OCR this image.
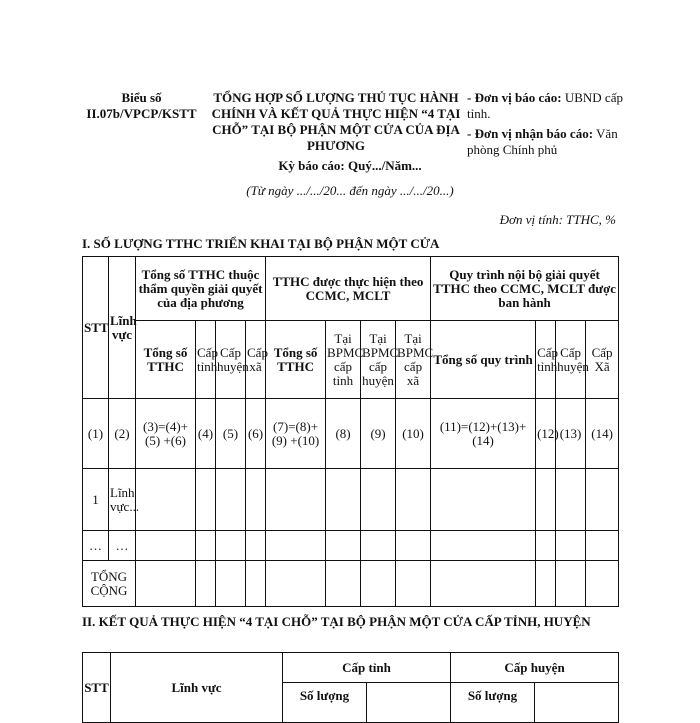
Biểu số II.07b/VPCP/KSTT
TỔNG HỢP SỐ LƯỢNG THỦ TỤC HÀNH CHÍNH VÀ KẾT QUẢ THỰC HIỆN “4 TẠI CHỖ” TẠI BỘ PHẬN MỘT CỬA CỦA ĐỊA PHƯƠNG

- Đơn vị báo cáo: UBND cấp tỉnh.

- Đơn vị nhận báo cáo: Văn phòng Chính phủ

Kỳ báo cáo: Quý.../Năm...
(Từ ngày .../.../20... đến ngày .../.../20...)
Đơn vị tính: TTHC, %
I. SỐ LƯỢNG TTHC TRIỂN KHAI TẠI BỘ PHẬN MỘT CỬA
STT	Lĩnh vực	Tổng số TTHC thuộc thẩm quyền giải quyết của địa phương				TTHC được thực hiện theo CCMC, MCLT				Quy trình nội bộ giải quyết TTHC theo CCMC, MCLT được ban hành			
		Tổng số TTHC	Cấp tỉnh	Cấp huyện	Cấp xã	Tổng số TTHC	Tại BPMC cấp tỉnh	Tại BPMC cấp huyện	Tại BPMC cấp xã	Tổng số quy trình	Cấp tỉnh	Cấp huyện	Cấp Xã
(1)	(2)	(3)=(4)+(5) +(6)	(4)	(5)	(6)	(7)=(8)+(9) +(10)	(8)	(9)	(10)	(11)=(12)+(13)+(14)	(12)	(13)	(14)
1	Lĩnh vực...												
…	…												
TỔNG CỘNG													
II. KẾT QUẢ THỰC HIỆN “4 TẠI CHỖ” TẠI BỘ PHẬN MỘT CỬA CẤP TỈNH, HUYỆN
STT	Lĩnh vực	Cấp tỉnh		Cấp huyện	
		Số lượng		Số lượng	
